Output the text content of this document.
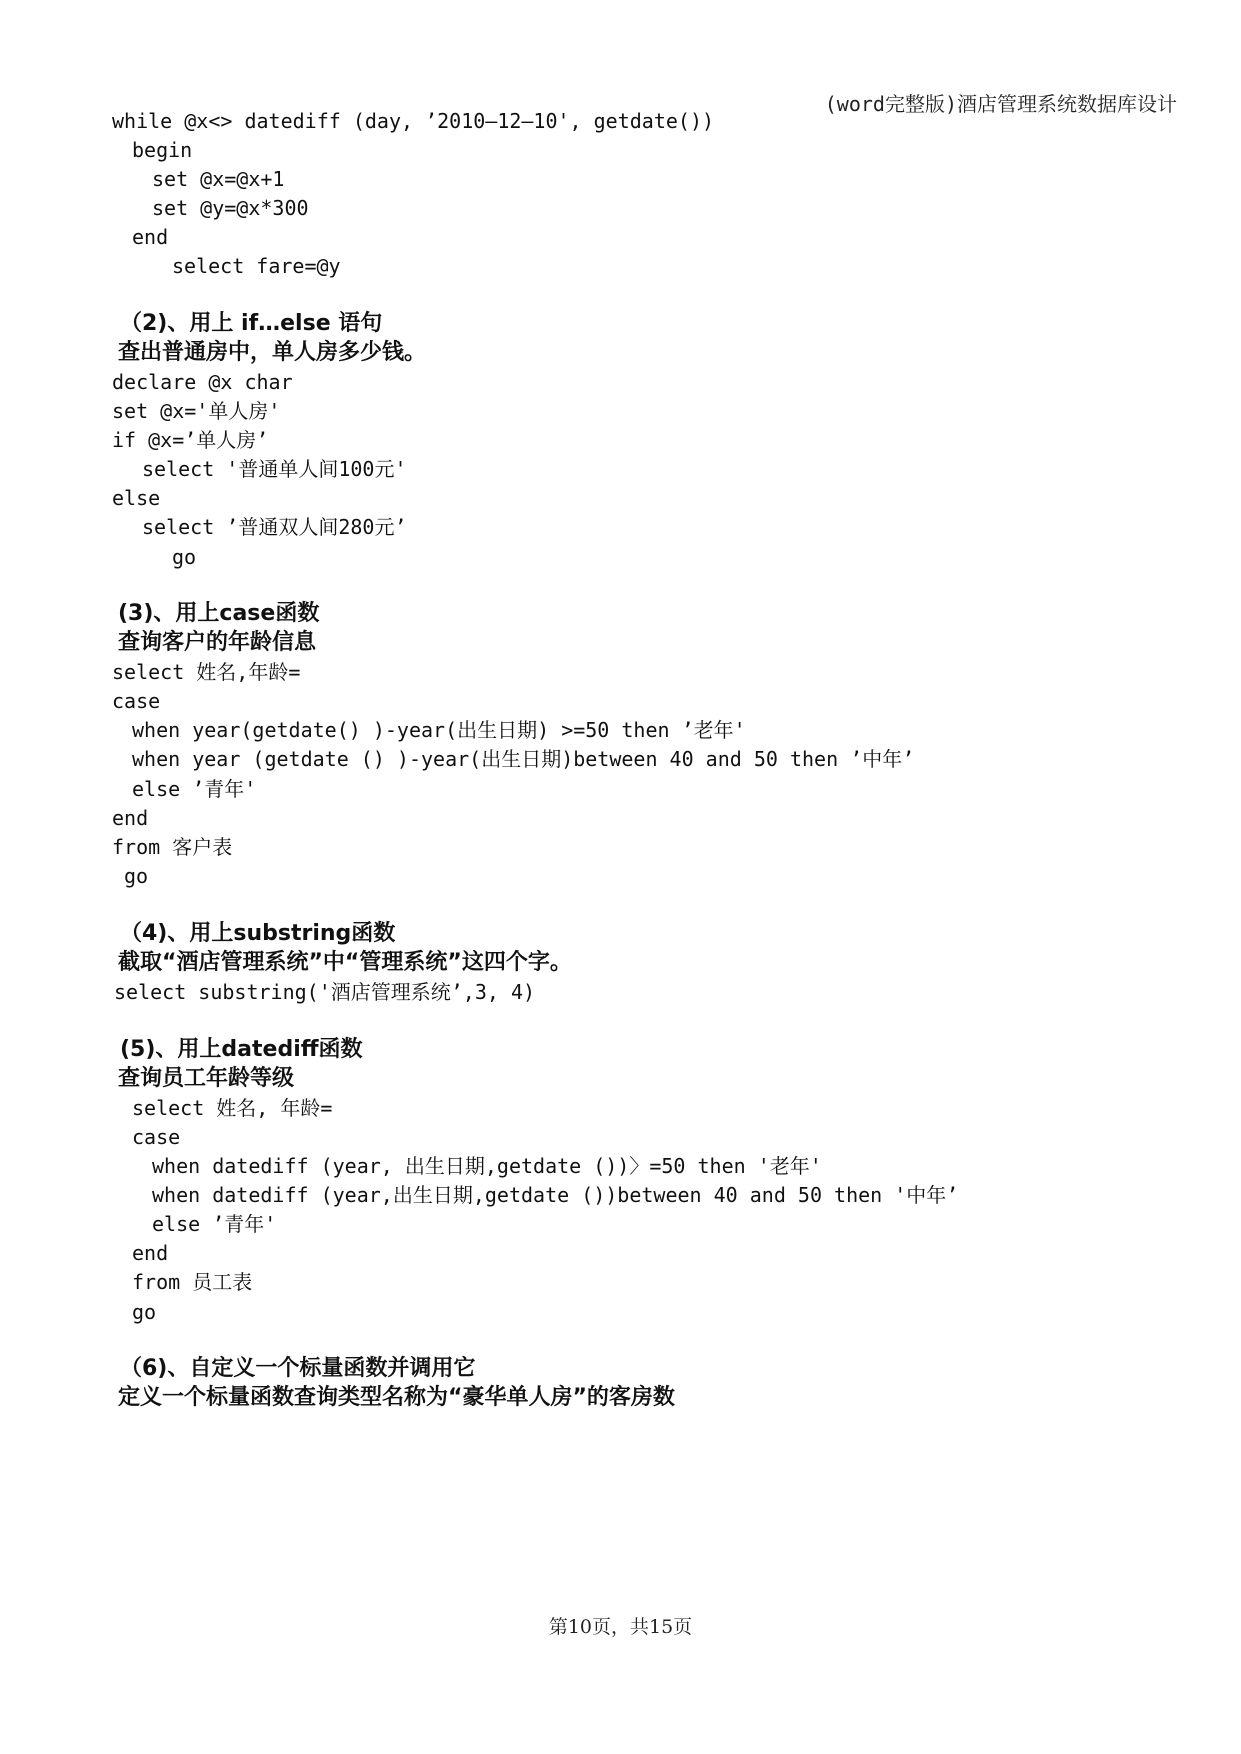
(word完整版)酒店管理系统数据库设计
while @x<> datediff (day, ’2010—12—10', getdate())
begin
set @x=@x+1
set @y=@x*300
end
select fare=@y
（2)、用上 if…else 语句
查出普通房中，单人房多少钱。
declare @x char
set @x='单人房'
if @x=’单人房’
select '普通单人间100元'
else
select ’普通双人间280元’
go
(3)、用上case函数
查询客户的年龄信息
select 姓名,年龄=
case
when year(getdate() )-year(出生日期) >=50 then ’老年'
when year (getdate () )-year(出生日期)between 40 and 50 then ’中年’
else ’青年'
end
from 客户表
go
（4)、用上substring函数
截取“酒店管理系统”中“管理系统”这四个字。
select substring('酒店管理系统’,3, 4)
(5)、用上datediff函数
查询员工年龄等级
select 姓名, 年龄=
case
when datediff (year, 出生日期,getdate ())〉=50 then '老年'
when datediff (year,出生日期,getdate ())between 40 and 50 then '中年’
else ’青年'
end
from 员工表
go
（6)、自定义一个标量函数并调用它
定义一个标量函数查询类型名称为“豪华单人房”的客房数
第10页，共15页
